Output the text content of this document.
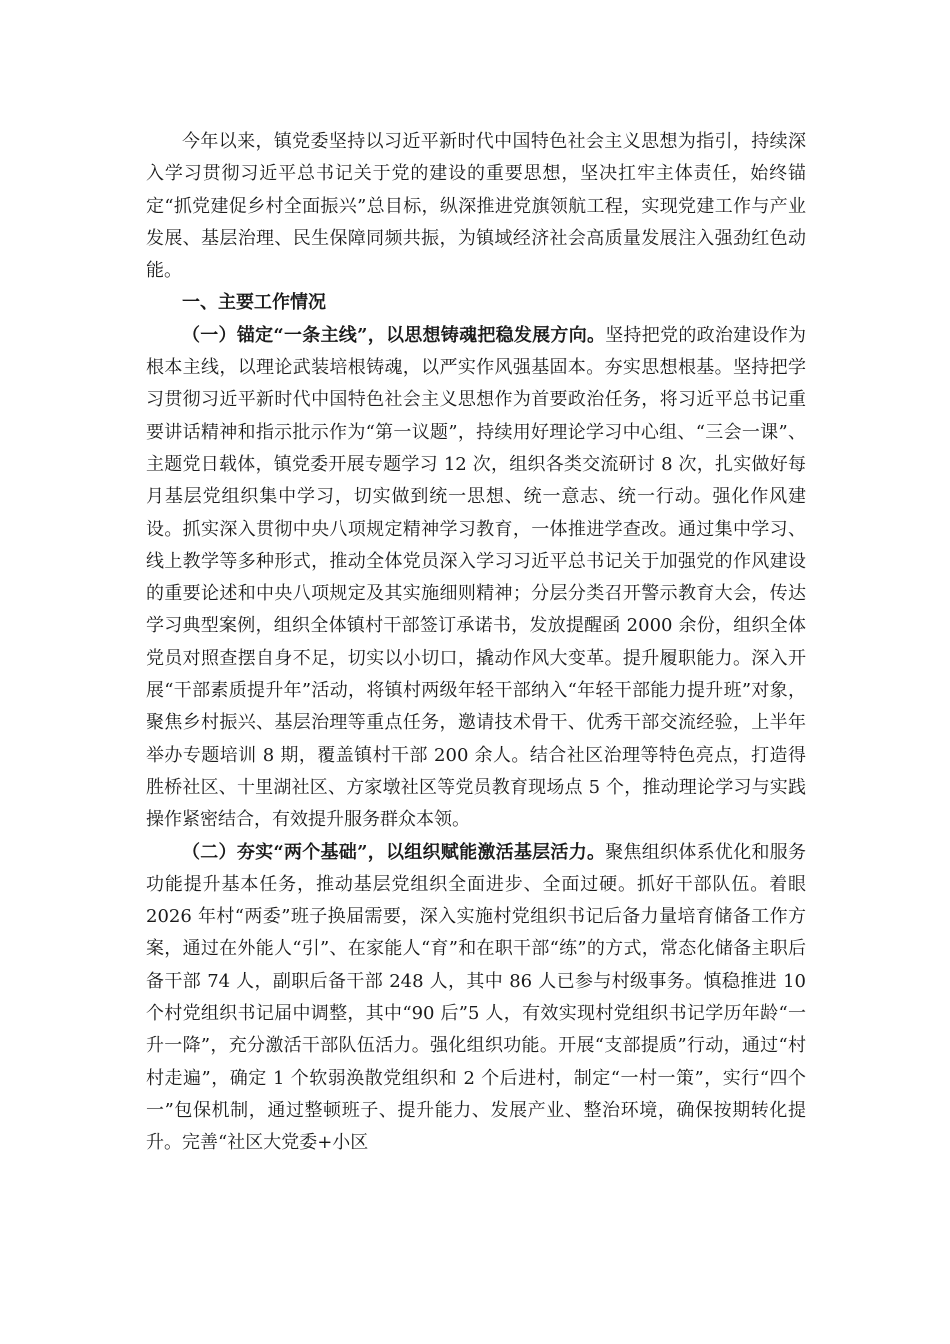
今年以来，镇党委坚持以习近平新时代中国特色社会主义思想为指引，持续深入学习贯彻习近平总书记关于党的建设的重要思想，坚决扛牢主体责任，始终锚定“抓党建促乡村全面振兴”总目标，纵深推进党旗领航工程，实现党建工作与产业发展、基层治理、民生保障同频共振，为镇域经济社会高质量发展注入强劲红色动能。

一、主要工作情况

（一）锚定“一条主线”，以思想铸魂把稳发展方向。坚持把党的政治建设作为根本主线，以理论武装培根铸魂，以严实作风强基固本。夯实思想根基。坚持把学习贯彻习近平新时代中国特色社会主义思想作为首要政治任务，将习近平总书记重要讲话精神和指示批示作为“第一议题”，持续用好理论学习中心组、“三会一课”、主题党日载体，镇党委开展专题学习 12 次，组织各类交流研讨 8 次，扎实做好每月基层党组织集中学习，切实做到统一思想、统一意志、统一行动。强化作风建设。抓实深入贯彻中央八项规定精神学习教育，一体推进学查改。通过集中学习、线上教学等多种形式，推动全体党员深入学习习近平总书记关于加强党的作风建设的重要论述和中央八项规定及其实施细则精神；分层分类召开警示教育大会，传达学习典型案例，组织全体镇村干部签订承诺书，发放提醒函 2000 余份，组织全体党员对照查摆自身不足，切实以小切口，撬动作风大变革。提升履职能力。深入开展“干部素质提升年”活动，将镇村两级年轻干部纳入“年轻干部能力提升班”对象，聚焦乡村振兴、基层治理等重点任务，邀请技术骨干、优秀干部交流经验，上半年举办专题培训 8 期，覆盖镇村干部 200 余人。结合社区治理等特色亮点，打造得胜桥社区、十里湖社区、方家墩社区等党员教育现场点 5 个，推动理论学习与实践操作紧密结合，有效提升服务群众本领。

（二）夯实“两个基础”，以组织赋能激活基层活力。聚焦组织体系优化和服务功能提升基本任务，推动基层党组织全面进步、全面过硬。抓好干部队伍。着眼 2026 年村“两委”班子换届需要，深入实施村党组织书记后备力量培育储备工作方案，通过在外能人“引”、在家能人“育”和在职干部“练”的方式，常态化储备主职后备干部 74 人，副职后备干部 248 人，其中 86 人已参与村级事务。慎稳推进 10 个村党组织书记届中调整，其中“90 后”5 人，有效实现村党组织书记学历年龄“一升一降”，充分激活干部队伍活力。强化组织功能。开展“支部提质”行动，通过“村村走遍”，确定 1 个软弱涣散党组织和 2 个后进村，制定“一村一策”，实行“四个一”包保机制，通过整顿班子、提升能力、发展产业、整治环境，确保按期转化提升。完善“社区大党委+小区
